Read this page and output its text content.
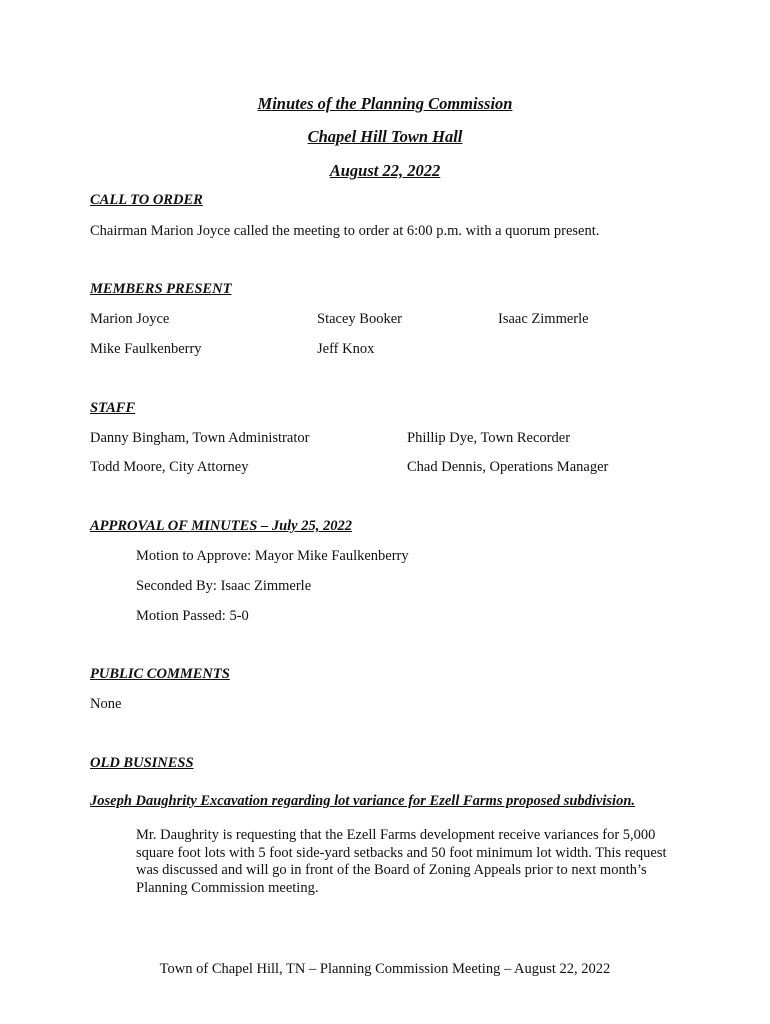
Minutes of the Planning Commission
Chapel Hill Town Hall
August 22, 2022
CALL TO ORDER
Chairman Marion Joyce called the meeting to order at 6:00 p.m. with a quorum present.
MEMBERS PRESENT
Marion Joyce	Stacey Booker	Isaac Zimmerle
Mike Faulkenberry	Jeff Knox
STAFF
Danny Bingham, Town Administrator	Phillip Dye, Town Recorder
Todd Moore, City Attorney	Chad Dennis, Operations Manager
APPROVAL OF MINUTES – July 25, 2022
Motion to Approve: Mayor Mike Faulkenberry
Seconded By: Isaac Zimmerle
Motion Passed: 5-0
PUBLIC COMMENTS
None
OLD BUSINESS
Joseph Daughrity Excavation regarding lot variance for Ezell Farms proposed subdivision.
Mr. Daughrity is requesting that the Ezell Farms development receive variances for 5,000 square foot lots with 5 foot side-yard setbacks and 50 foot minimum lot width. This request was discussed and will go in front of the Board of Zoning Appeals prior to next month’s Planning Commission meeting.
Town of Chapel Hill, TN – Planning Commission Meeting – August 22, 2022
